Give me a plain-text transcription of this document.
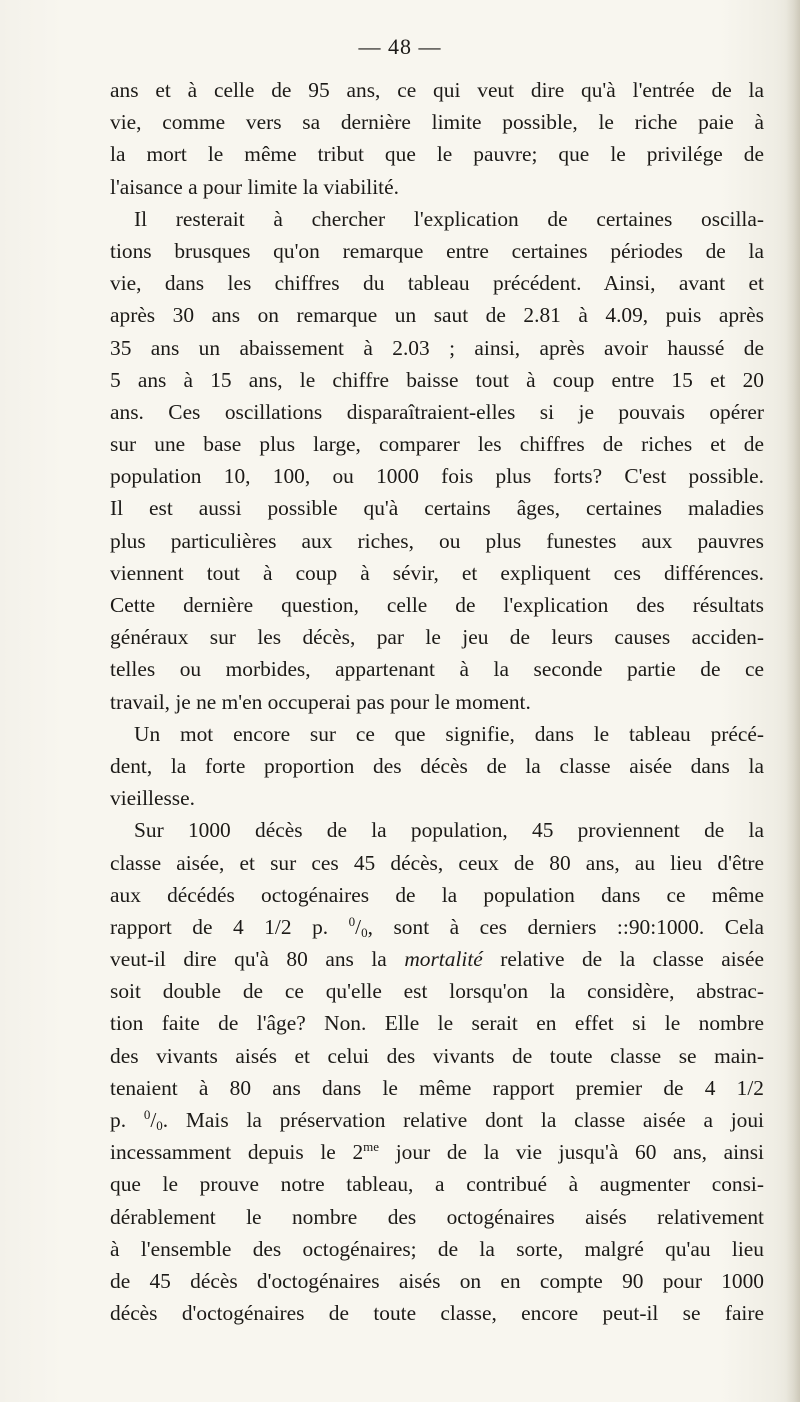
— 48 —
ans et à celle de 95 ans, ce qui veut dire qu'à l'entrée de la
vie, comme vers sa dernière limite possible, le riche paie à
la mort le même tribut que le pauvre; que le privilége de
l'aisance a pour limite la viabilité.
Il resterait à chercher l'explication de certaines oscilla-
tions brusques qu'on remarque entre certaines périodes de la
vie, dans les chiffres du tableau précédent. Ainsi, avant et
après 30 ans on remarque un saut de 2.81 à 4.09, puis après
35 ans un abaissement à 2.03 ; ainsi, après avoir haussé de
5 ans à 15 ans, le chiffre baisse tout à coup entre 15 et 20
ans. Ces oscillations disparaîtraient-elles si je pouvais opérer
sur une base plus large, comparer les chiffres de riches et de
population 10, 100, ou 1000 fois plus forts? C'est possible.
Il est aussi possible qu'à certains âges, certaines maladies
plus particulières aux riches, ou plus funestes aux pauvres
viennent tout à coup à sévir, et expliquent ces différences.
Cette dernière question, celle de l'explication des résultats
généraux sur les décès, par le jeu de leurs causes acciden-
telles ou morbides, appartenant à la seconde partie de ce
travail, je ne m'en occuperai pas pour le moment.
Un mot encore sur ce que signifie, dans le tableau précé-
dent, la forte proportion des décès de la classe aisée dans la
vieillesse.
Sur 1000 décès de la population, 45 proviennent de la
classe aisée, et sur ces 45 décès, ceux de 80 ans, au lieu d'être
aux décédés octogénaires de la population dans ce même
rapport de 4 1/2 p. $^0/_0$, sont à ces derniers ::90:1000. Cela
veut-il dire qu'à 80 ans la mortalité relative de la classe aisée
soit double de ce qu'elle est lorsqu'on la considère, abstrac-
tion faite de l'âge? Non. Elle le serait en effet si le nombre
des vivants aisés et celui des vivants de toute classe se main-
tenaient à 80 ans dans le même rapport premier de 4 1/2
p. $^0/_0$. Mais la préservation relative dont la classe aisée a joui
incessamment depuis le $2^{me}$ jour de la vie jusqu'à 60 ans, ainsi
que le prouve notre tableau, a contribué à augmenter consi-
dérablement le nombre des octogénaires aisés relativement
à l'ensemble des octogénaires; de la sorte, malgré qu'au lieu
de 45 décès d'octogénaires aisés on en compte 90 pour 1000
décès d'octogénaires de toute classe, encore peut-il se faire
